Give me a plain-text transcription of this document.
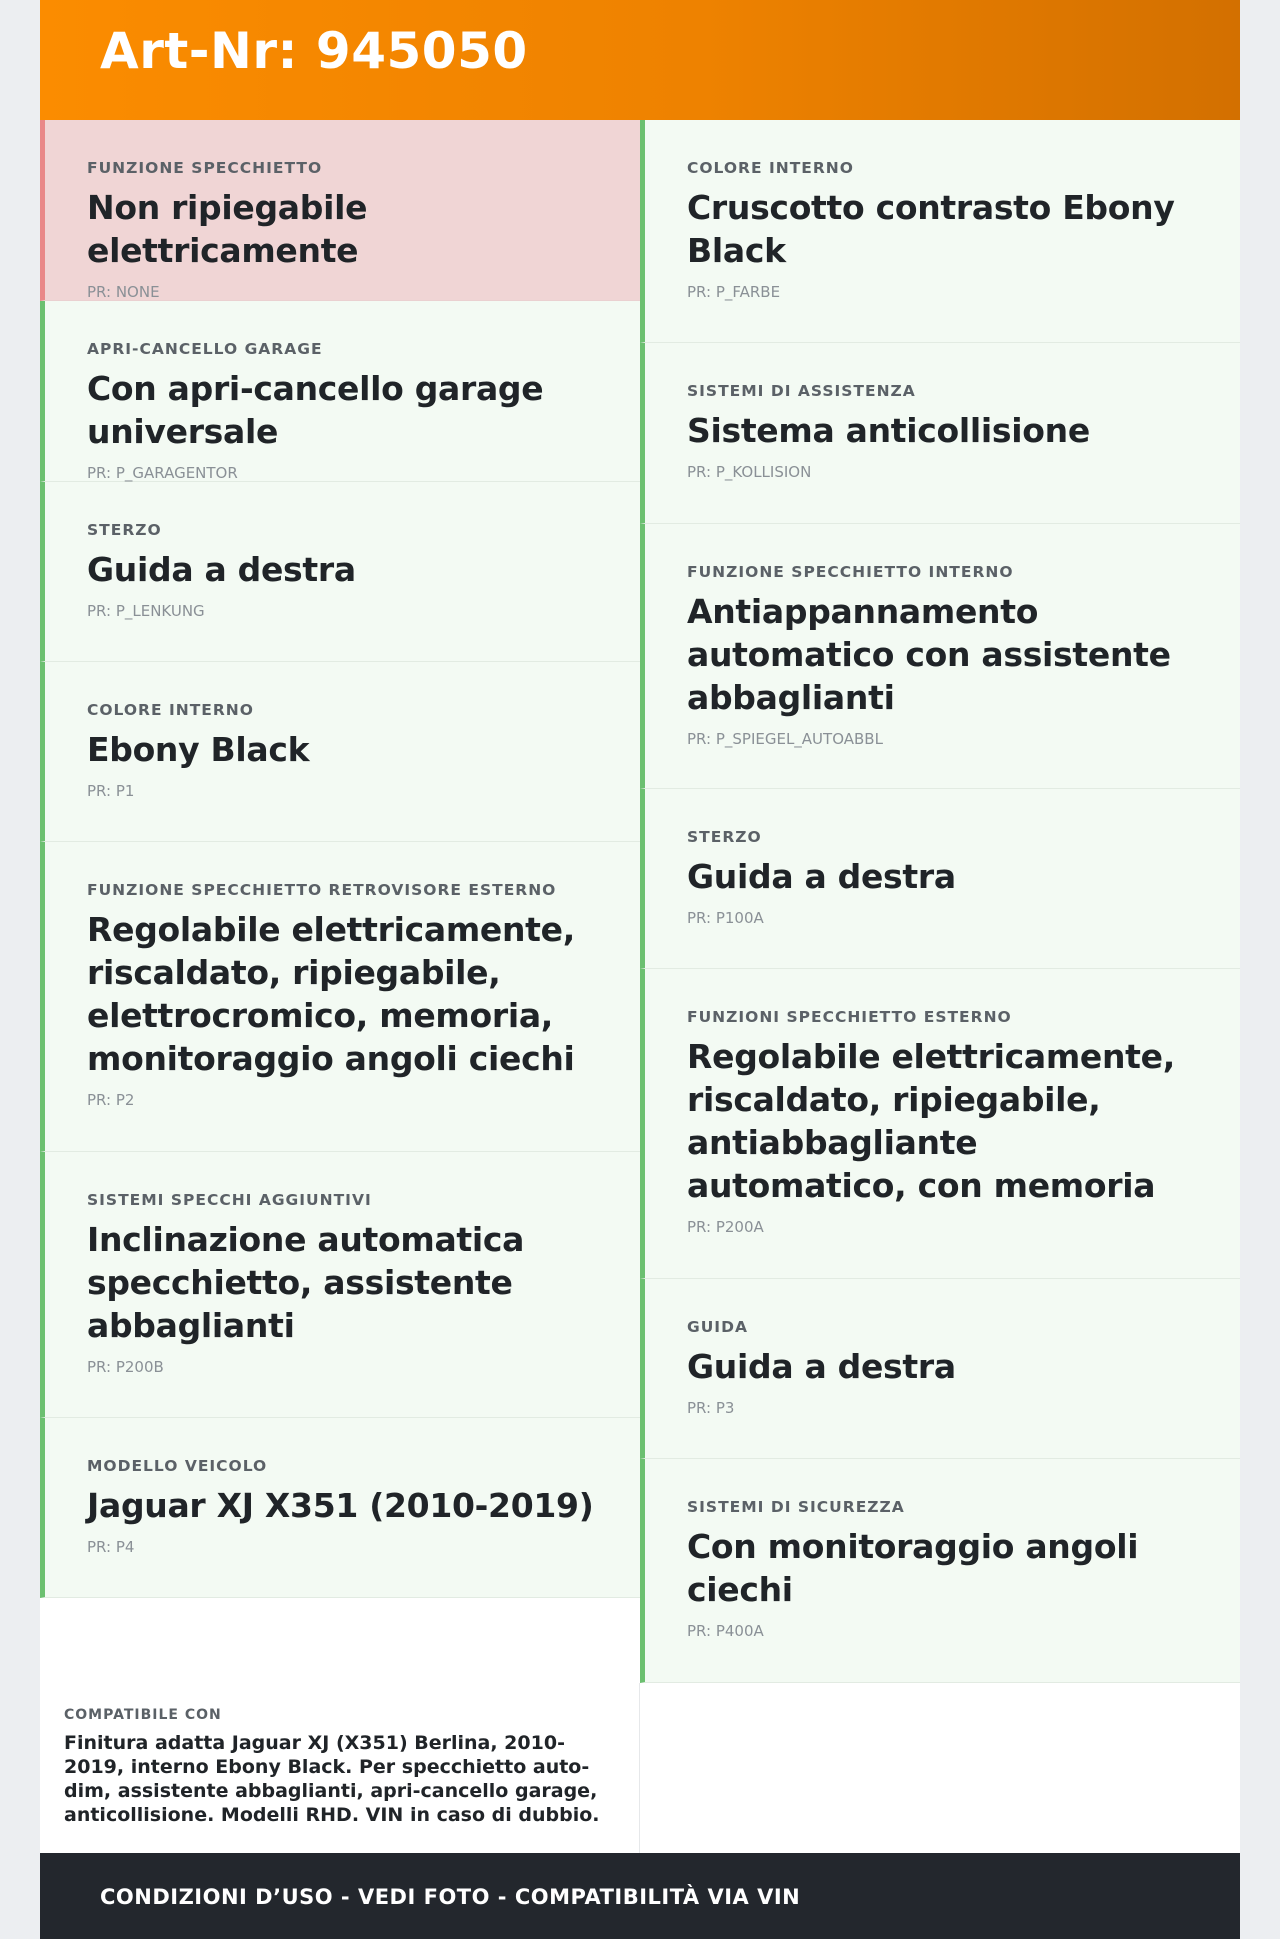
Art-Nr: 945050
FUNZIONE SPECCHIETTO
Non ripiegabile elettricamente
PR: NONE
APRI-CANCELLO GARAGE
Con apri-cancello garage universale
PR: P_GARAGENTOR
STERZO
Guida a destra
PR: P_LENKUNG
COLORE INTERNO
Ebony Black
PR: P1
FUNZIONE SPECCHIETTO RETROVISORE ESTERNO
Regolabile elettricamente, riscaldato, ripiegabile, elettrocromico, memoria, monitoraggio angoli ciechi
PR: P2
SISTEMI SPECCHI AGGIUNTIVI
Inclinazione automatica specchietto, assistente abbaglianti
PR: P200B
MODELLO VEICOLO
Jaguar XJ X351 (2010-2019)
PR: P4
COLORE INTERNO
Cruscotto contrasto Ebony Black
PR: P_FARBE
SISTEMI DI ASSISTENZA
Sistema anticollisione
PR: P_KOLLISION
FUNZIONE SPECCHIETTO INTERNO
Antiappannamento automatico con assistente abbaglianti
PR: P_SPIEGEL_AUTOABBL
STERZO
Guida a destra
PR: P100A
FUNZIONI SPECCHIETTO ESTERNO
Regolabile elettricamente, riscaldato, ripiegabile, antiabbagliante automatico, con memoria
PR: P200A
GUIDA
Guida a destra
PR: P3
SISTEMI DI SICUREZZA
Con monitoraggio angoli ciechi
PR: P400A
COMPATIBILE CON
Finitura adatta Jaguar XJ (X351) Berlina, 2010-2019, interno Ebony Black. Per specchietto auto-dim, assistente abbaglianti, apri-cancello garage, anticollisione. Modelli RHD. VIN in caso di dubbio.
CONDIZIONI D’USO - VEDI FOTO - COMPATIBILITÀ VIA VIN
